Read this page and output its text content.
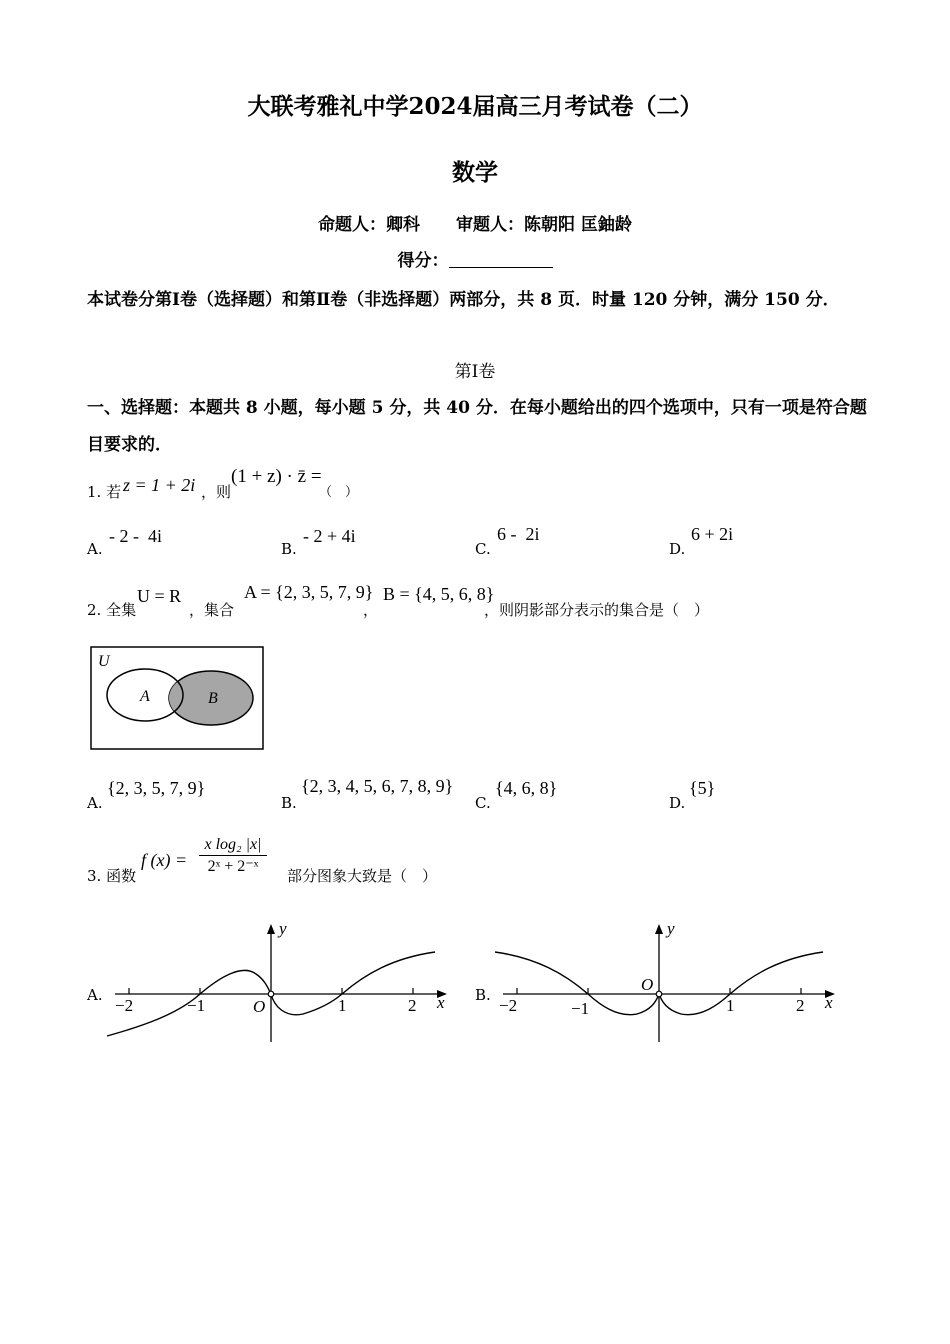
大联考雅礼中学2024届高三月考试卷（二）
数学
命题人：卿科 审题人：陈朝阳 匡鈾龄
得分：
本试卷分第Ⅰ卷（选择题）和第Ⅱ卷（非选择题）两部分，共 8 页．时量 120 分钟，满分 150 分．
第Ⅰ卷
一、选择题：本题共 8 小题，每小题 5 分，共 40 分．在每小题给出的四个选项中，只有一项是符合题目要求的．
1. 若 z = 1 + 2i ，则
(1 + z) · z̄ =
（　）
A.
- 2 -  4i
B.
- 2 + 4i
C.
6 -  2i
D.
6 + 2i
2. 全集
U = R
，集合
A = {2, 3, 5, 7, 9}
，
B = {4, 5, 6, 8}
，则阴影部分表示的集合是（　）
U
A	B
A.
{2, 3, 5, 7, 9}
B.
{2, 3, 4, 5, 6, 7, 8, 9}
C.
{4, 6, 8}
D.
{5}
3. 函数
f $(x) = \frac{\text{x log₂ |x|}}{\text{2ˣ + 2⁻ˣ}}$ 部分图象大致是（　）
A.
y
x
O
−2	−1	1	2
B.
y
x
O
−2	−1	1	2
